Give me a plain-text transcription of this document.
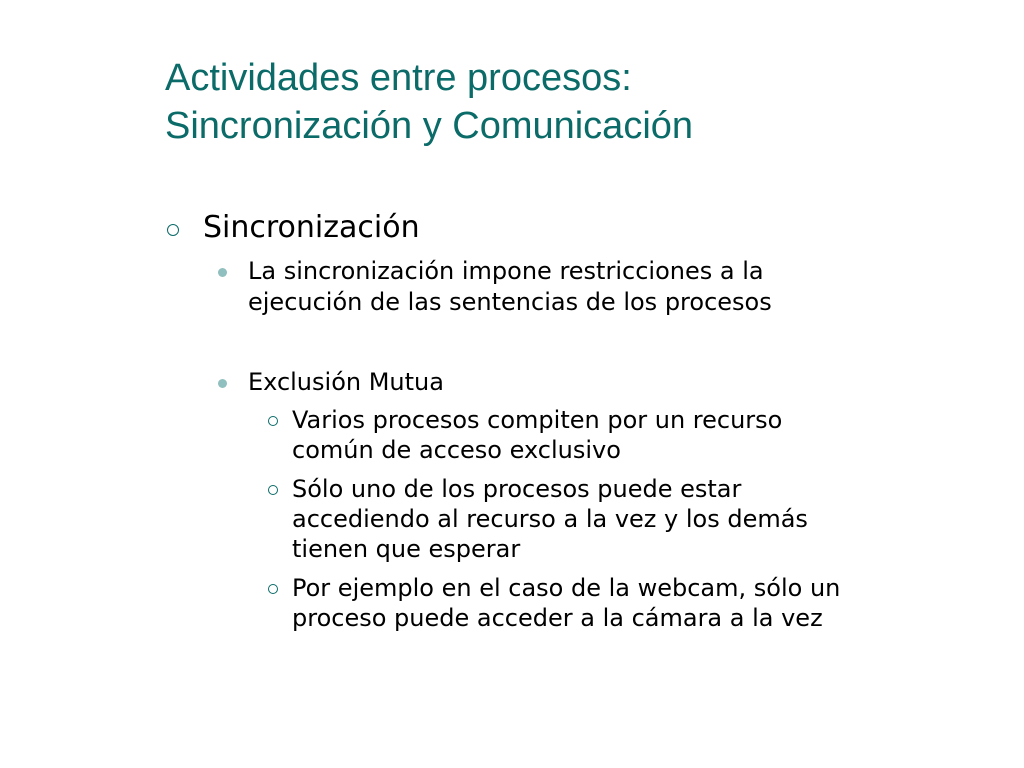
Actividades entre procesos:
Sincronización y Comunicación
Sincronización
La sincronización impone restricciones a la
ejecución de las sentencias de los procesos
Exclusión Mutua
Varios procesos compiten por un recurso
común de acceso exclusivo
Sólo uno de los procesos puede estar
accediendo al recurso a la vez y los demás
tienen que esperar
Por ejemplo en el caso de la webcam, sólo un
proceso puede acceder a la cámara a la vez
